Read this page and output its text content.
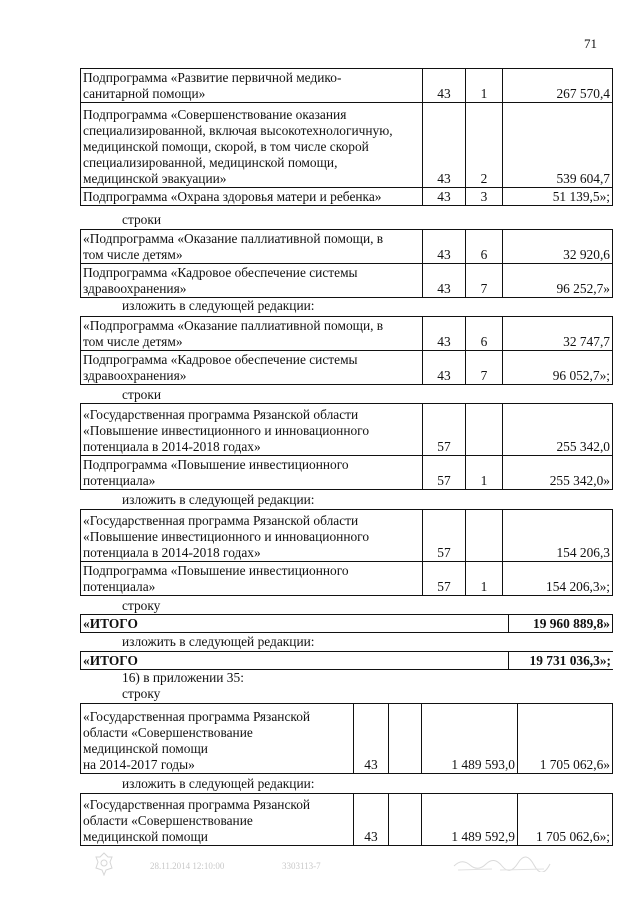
71
Подпрограмма «Развитие первичной медико-
санитарной помощи»	43	1	267 570,4

Подпрограмма «Совершенствование оказания
специализированной, включая высокотехнологичную,
медицинской помощи, скорой, в том числе скорой
специализированной, медицинской помощи,
медицинской эвакуации»	43	2	539 604,7

Подпрограмма «Охрана здоровья матери и ребенка»	43	3	51 139,5»;
строки
«Подпрограмма «Оказание паллиативной помощи, в
том числе детям»	43	6	32 920,6

Подпрограмма «Кадровое обеспечение системы
здравоохранения»	43	7	96 252,7»
изложить в следующей редакции:
«Подпрограмма «Оказание паллиативной помощи, в
том числе детям»	43	6	32 747,7

Подпрограмма «Кадровое обеспечение системы
здравоохранения»	43	7	96 052,7»;
строки
«Государственная программа Рязанской области
«Повышение инвестиционного и инновационного
потенциала в 2014-2018 годах»	57		255 342,0

Подпрограмма «Повышение инвестиционного
потенциала»	57	1	255 342,0»
изложить в следующей редакции:
«Государственная программа Рязанской области
«Повышение инвестиционного и инновационного
потенциала в 2014-2018 годах»	57		154 206,3

Подпрограмма «Повышение инвестиционного
потенциала»	57	1	154 206,3»;
строку
«ИТОГО	19 960 889,8»
изложить в следующей редакции:
«ИТОГО	19 731 036,3»;
16) в приложении 35:
строку
«Государственная программа Рязанской
области «Совершенствование
медицинской помощи
на 2014-2017 годы»	43		1 489 593,0	1 705 062,6»
изложить в следующей редакции:
«Государственная программа Рязанской
области «Совершенствование
медицинской помощи	43		1 489 592,9	1 705 062,6»;
28.11.2014 12:10:00	3303113-7
